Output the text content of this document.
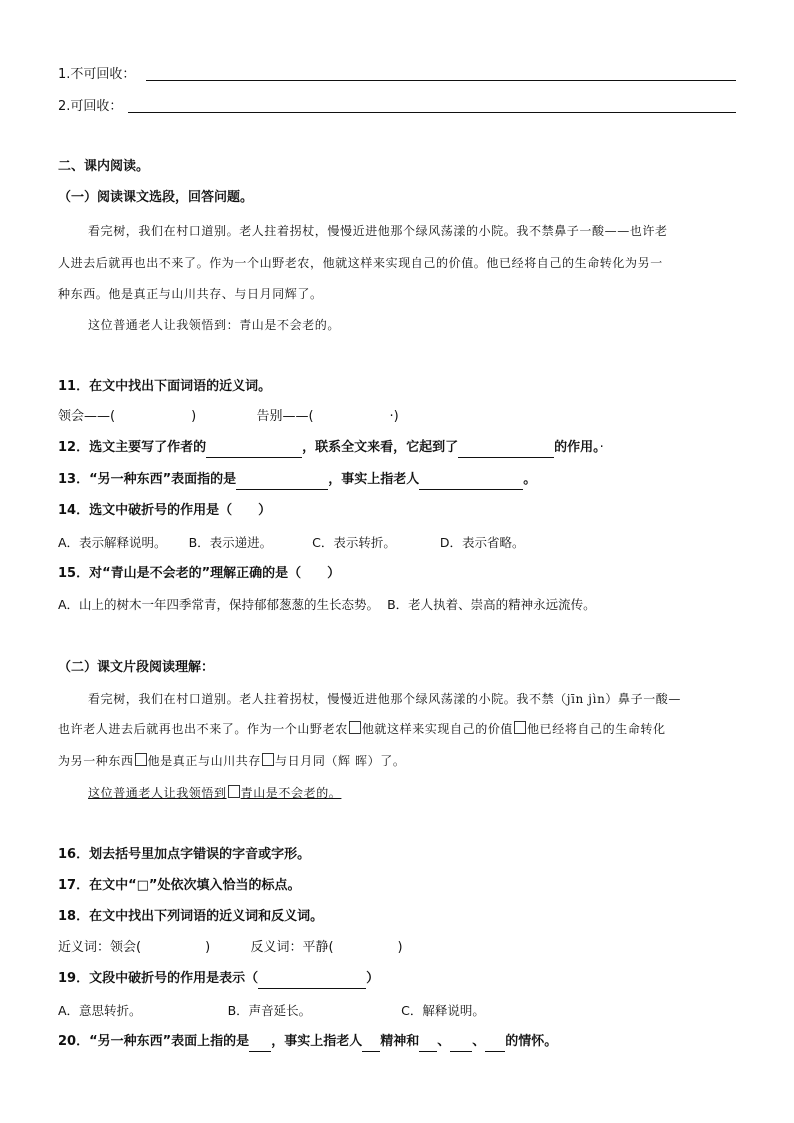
1.不可回收：
2.可回收：
二、课内阅读。
（一）阅读课文选段，回答问题。
看完树，我们在村口道别。老人拄着拐杖，慢慢近进他那个绿风荡漾的小院。我不禁鼻子一酸——也许老
人进去后就再也出不来了。作为一个山野老农，他就这样来实现自己的价值。他已经将自己的生命转化为另一
种东西。他是真正与山川共存、与日月同辉了。
这位普通老人让我领悟到：青山是不会老的。
11．在文中找出下面词语的近义词。
领会——(	)	告别——(	·)
12．选文主要写了作者的	，联系全文来看，它起到了	的作用。·
13．“另一种东西”表面指的是	，事实上指老人	。
14．选文中破折号的作用是（　　）
A．表示解释说明。 B．表示递进。	C．表示转折。	D．表示省略。
15．对“青山是不会老的”理解正确的是（　　）
A．山上的树木一年四季常青，保持郁郁葱葱的生长态势。 B．老人执着、崇高的精神永远流传。
（二）课文片段阅读理解：
看完树，我们在村口道别。老人拄着拐杖，慢慢近进他那个绿风荡漾的小院。我不禁（jīn jìn）鼻子一酸—
也许老人进去后就再也出不来了。作为一个山野老农 他就这样来实现自己的价值 他已经将自己的生命转化
为另一种东西 他是真正与山川共存 与日月同（辉 晖）了。
这位普通老人让我领悟到 青山是不会老的。
16．划去括号里加点字错误的字音或字形。
17．在文中“□”处依次填入恰当的标点。
18．在文中找出下列词语的近义词和反义词。
近义词：领会(	)	反义词：平静(	)
19．文段中破折号的作用是表示（	）
A．意思转折。	B．声音延长。	C．解释说明。
20．“另一种东西”表面上指的是 ，事实上指老人 精神和 、 、 的情怀。
